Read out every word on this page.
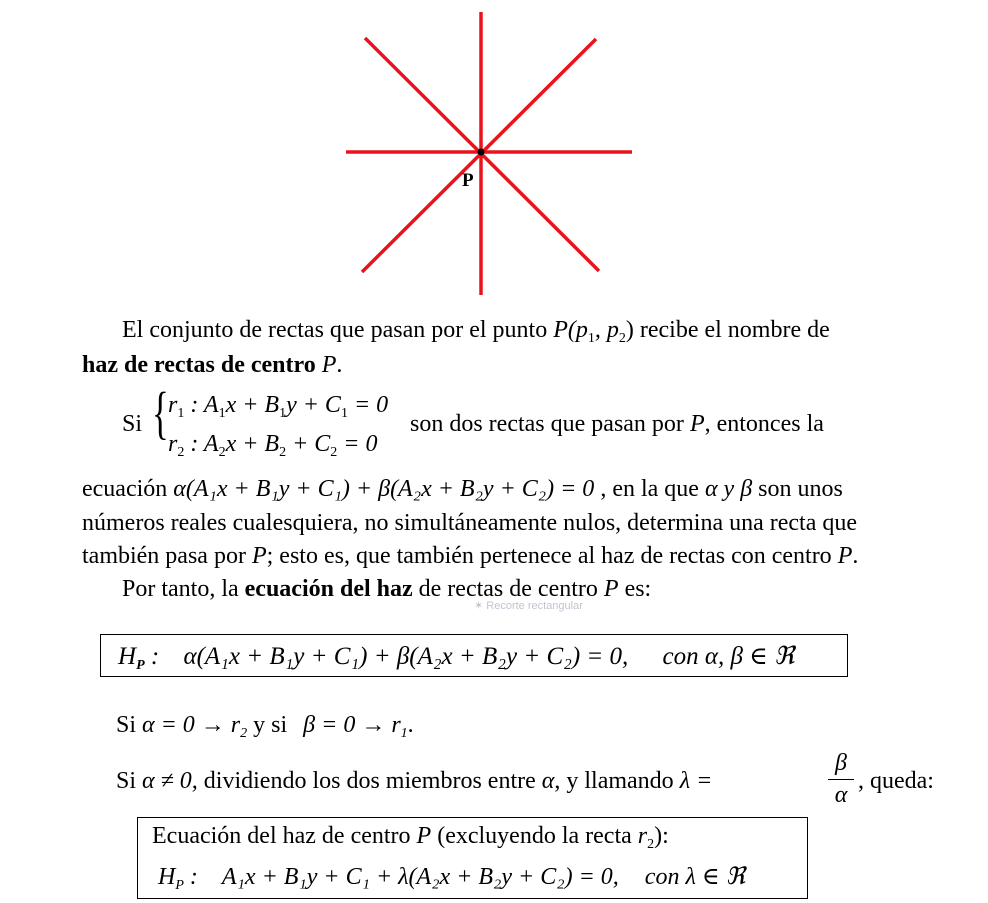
P
El conjunto de rectas que pasan por el punto $P(p_1$, $p_2$) recibe el nombre de
haz de rectas de centro P.
Si { $r_1$ : $A_1x + B_1y + C_1 = 0$
$r_2$ : $A_2x + B_2 + C_2 = 0$
son dos rectas que pasan por P, entonces la
ecuación α(A₁x + B₁y + C₁) + β(A₂x + B₂y + C₂) = 0 , en la que α y β son unos
números reales cualesquiera, no simultáneamente nulos, determina una recta que
también pasa por P; esto es, que también pertenece al haz de rectas con centro P.
Por tanto, la ecuación del haz de rectas de centro P es:
✶ Recorte rectangular
$H_P$ : α(A₁x + B₁y + C₁) + β(A₂x + B₂y + C₂) = 0, con α, β ∈ ℜ
Si $\alpha = 0 \to r_2$ y si $\beta = 0 \to r_1$.
Si α ≠ 0, dividiendo los dos miembros entre α, y llamando λ =
β
α
, queda:
Ecuación del haz de centro P (excluyendo la recta $r_2$):
$H_P$ : A₁x + B₁y + C₁ + λ(A₂x + B₂y + C₂) = 0, con λ ∈ ℜ
